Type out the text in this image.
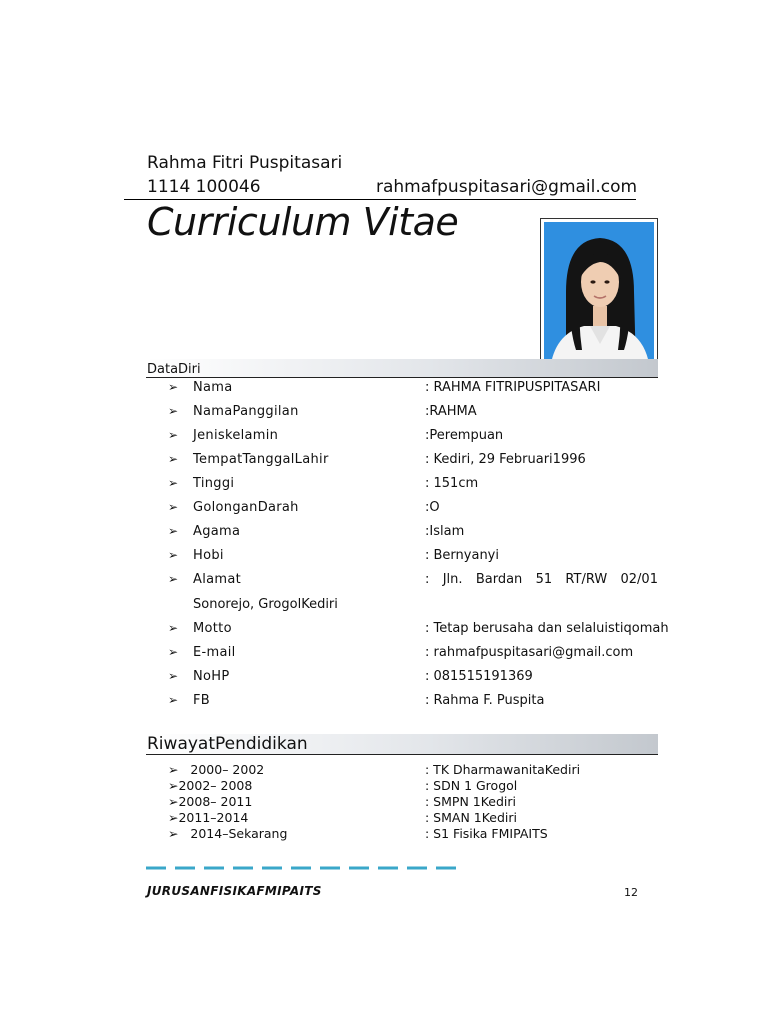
Rahma Fitri Puspitasari
1114 100046	rahmafpuspitasari@gmail.com
Curriculum Vitae
DataDiri
➢ Nama	: RAHMA FITRIPUSPITASARI
➢ NamaPanggilan	:RAHMA
➢ Jeniskelamin	:Perempuan
➢ TempatTanggalLahir	: Kediri, 29 Februari1996
➢ Tinggi	: 151cm
➢ GolonganDarah	:O
➢ Agama	:Islam
➢ Hobi	: Bernyanyi
➢ Alamat	: Jln. Bardan 51 RT/RW 02/01
Sonorejo, GrogolKediri
➢ Motto	: Tetap berusaha dan selaluistiqomah
➢ E-mail	: rahmafpuspitasari@gmail.com
➢ NoHP	: 081515191369
➢ FB	: Rahma F. Puspita
RiwayatPendidikan
➢   2000– 2002	: TK DharmawanitaKediri
➢2002– 2008	: SDN 1 Grogol
➢2008– 2011	: SMPN 1Kediri
➢2011–2014	: SMAN 1Kediri
➢   2014–Sekarang	: S1 Fisika FMIPAITS
JURUSANFISIKAFMIPAITS	12
